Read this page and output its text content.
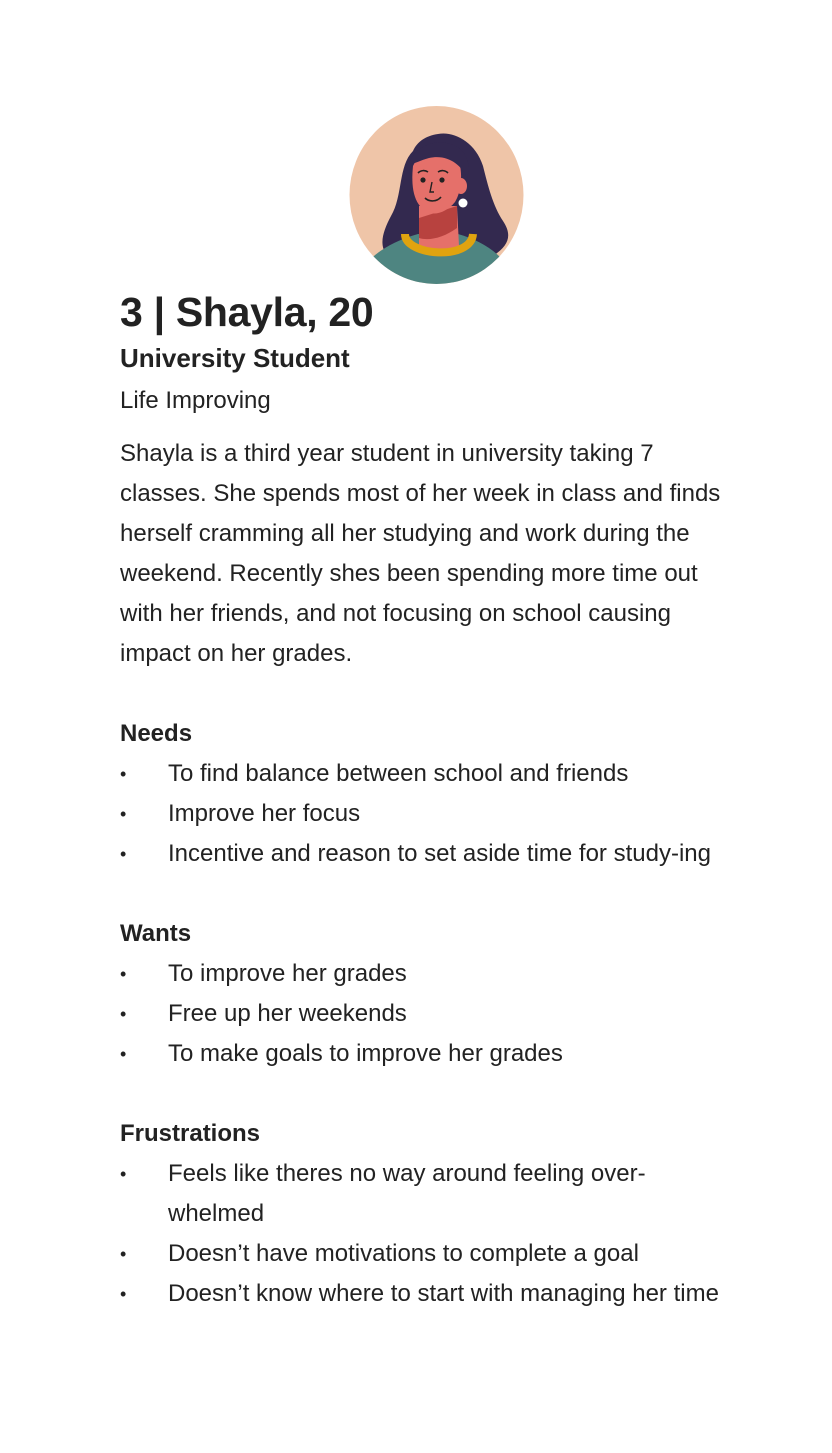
3 | Shayla, 20
University Student
Life Improving

Shayla is a third year student in university taking 7 classes. She spends most of her week in class and finds herself cramming all her studying and work during the weekend. Recently shes been spending more time out with her friends, and not focusing on school causing impact on her grades.

Needs
• To find balance between school and friends
• Improve her focus
• Incentive and reason to set aside time for study-ing
Wants
• To improve her grades
• Free up her weekends
• To make goals to improve her grades
Frustrations
• Feels like theres no way around feeling over-whelmed
• Doesn’t have motivations to complete a goal
• Doesn’t know where to start with managing her time
